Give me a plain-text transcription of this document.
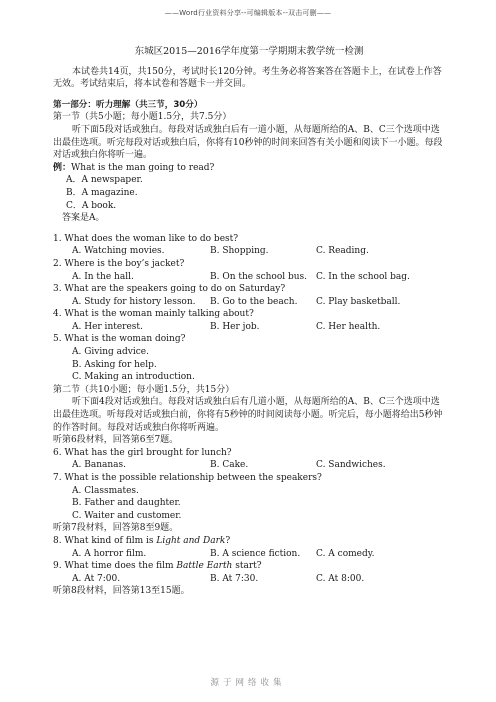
——Word行业资料分享--可编辑版本--双击可删——
东城区2015—2016学年度第一学期期末教学统一检测
本试卷共14页，共150分，考试时长120分钟。考生务必将答案答在答题卡上，在试卷上作答无效。考试结束后，将本试卷和答题卡一并交回。
第一部分：听力理解（共三节，30分）
第一节（共5小题；每小题1.5分，共7.5分）
听下面5段对话或独白。每段对话或独白后有一道小题，从每题所给的A、B、C三个选项中选出最佳选项。听完每段对话或独白后，你将有10秒钟的时间来回答有关小题和阅读下一小题。每段对话或独白你将听一遍。
例：What is the man going to read?
A．A newspaper.
B．A magazine.
C．A book.
答案是A。
1. What does the woman like to do best?
A. Watching movies.	B. Shopping.	C. Reading.
2. Where is the boy’s jacket?
A. In the hall.	B. On the school bus. C. In the school bag.
3. What are the speakers going to do on Saturday?
A. Study for history lesson.	B. Go to the beach.	C. Play basketball.
4. What is the woman mainly talking about?
A. Her interest.	B. Her job.	C. Her health.
5. What is the woman doing?
A. Giving advice.
B. Asking for help.
C. Making an introduction.
第二节（共10小题；每小题1.5分，共15分）
听下面4段对话或独白。每段对话或独白后有几道小题，从每题所给的A、B、C三个选项中选出最佳选项。听每段对话或独白前，你将有5秒钟的时间阅读每小题。听完后，每小题将给出5秒钟的作答时间。每段对话或独白你将听两遍。
听第6段材料，回答第6至7题。
6. What has the girl brought for lunch?
A. Bananas.	B. Cake.	C. Sandwiches.
7. What is the possible relationship between the speakers?
A. Classmates.
B. Father and daughter.
C. Waiter and customer.
听第7段材料，回答第8至9题。
8. What kind of film is Light and Dark?
A. A horror film.	B. A science fiction.	C. A comedy.
9. What time does the film Battle Earth start?
A. At 7:00.	B. At 7:30.	C. At 8:00.
听第8段材料，回答第13至15题。
源于网络收集
